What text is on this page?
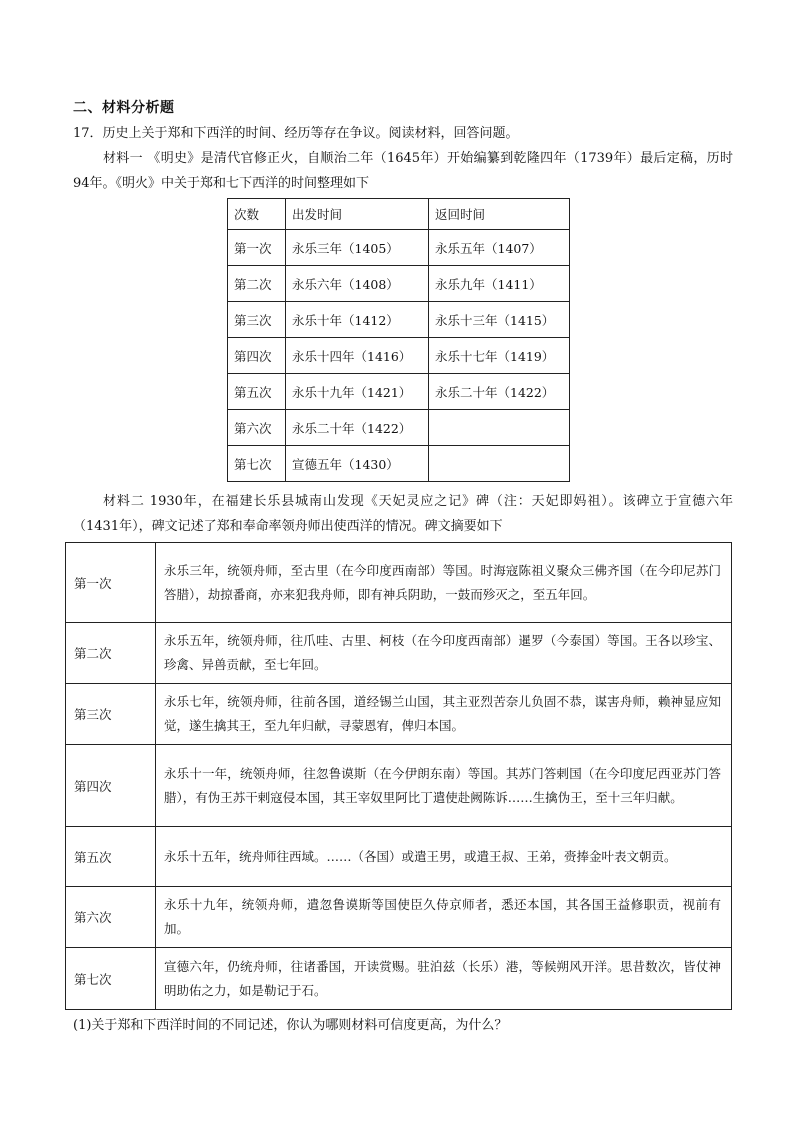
二、材料分析题
17．历史上关于郑和下西洋的时间、经历等存在争议。阅读材料，回答问题。
材料一 《明史》是清代官修正火，自顺治二年（1645年）开始编纂到乾隆四年（1739年）最后定稿，历时94年。《明火》中关于郑和七下西洋的时间整理如下
次数	出发时间	返回时间
第一次	永乐三年（1405）	永乐五年（1407）
第二次	永乐六年（1408）	永乐九年（1411）
第三次	永乐十年（1412）	永乐十三年（1415）
第四次	永乐十四年（1416）	永乐十七年（1419）
第五次	永乐十九年（1421）	永乐二十年（1422）
第六次	永乐二十年（1422）	
第七次	宣德五年（1430）	
材料二 1930年，在福建长乐县城南山发现《天妃灵应之记》碑（注：天妃即妈祖）。该碑立于宣德六年（1431年），碑文记述了郑和奉命率领舟师出使西洋的情况。碑文摘要如下
第一次	永乐三年，统领舟师，至古里（在今印度西南部）等国。时海寇陈祖义聚众三佛齐国（在今印尼苏门答腊），劫掠番商，亦来犯我舟师，即有神兵阴助，一鼓而殄灭之，至五年回。
第二次	永乐五年，统领舟师，往爪哇、古里、柯枝（在今印度西南部）暹罗（今泰国）等国。王各以珍宝、珍禽、异兽贡献，至七年回。
第三次	永乐七年，统领舟师，往前各国，道经锡兰山国，其主亚烈苦奈儿负固不恭，谋害舟师，赖神显应知觉，遂生擒其王，至九年归献，寻蒙恩宥，俾归本国。
第四次	永乐十一年，统领舟师，往忽鲁谟斯（在今伊朗东南）等国。其苏门答剌国（在今印度尼西亚苏门答腊），有伪王苏干剌寇侵本国，其王宰奴里阿比丁遣使赴阙陈诉……生擒伪王，至十三年归献。
第五次	永乐十五年，统舟师往西域。……（各国）或遣王男，或遣王叔、王弟，赍捧金叶表文朝贡。
第六次	永乐十九年，统领舟师，遣忽鲁谟斯等国使臣久侍京师者，悉还本国，其各国王益修职贡，视前有加。
第七次	宣德六年，仍统舟师，往诸番国，开读赏赐。驻泊兹（长乐）港，等候朔风开洋。思昔数次，皆仗神明助佑之力，如是勒记于石。
(1)关于郑和下西洋时间的不同记述，你认为哪则材料可信度更高，为什么？
